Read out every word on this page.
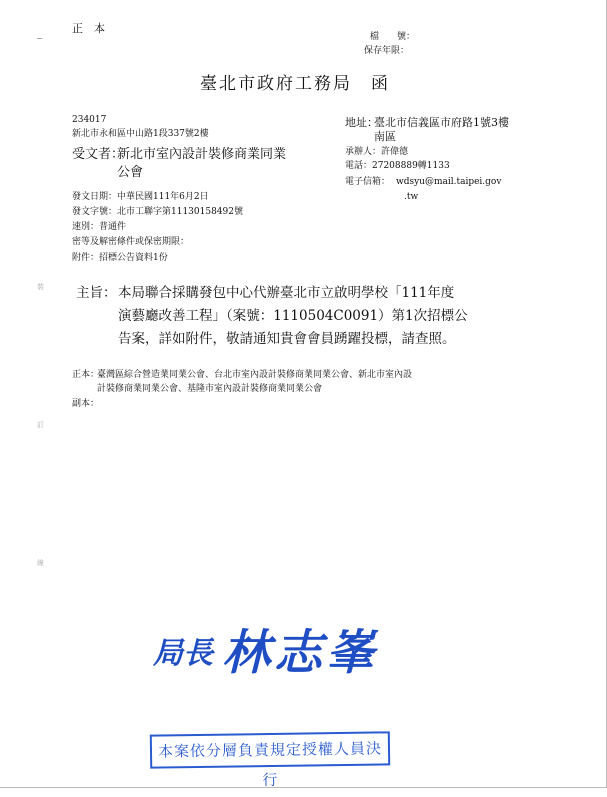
正　本
檔　　號：
保存年限：
臺北市政府工務局　函
234017
新北市永和區中山路1段337號2樓
受文者：
新北市室內設計裝修商業同業
公會
地址：
臺北市信義區市府路1號3樓
南區
承辦人：許偉德
電話：27208889轉1133
電子信箱： wdsyu@mail.taipei.gov
.tw
發文日期：中華民國111年6月2日
發文字號：北市工聯字第11130158492號
速別：普通件
密等及解密條件或保密期限：
附件：招標公告資料1份
主旨： 本局聯合採購發包中心代辦臺北市立啟明學校「111年度
演藝廳改善工程」（案號：1110504C0091）第1次招標公
告案，詳如附件，敬請通知貴會會員踴躍投標，請查照。
正本：
臺灣區綜合營造業同業公會、台北市室內設計裝修商業同業公會、新北市室內設
計裝修商業同業公會、基隆市室內設計裝修商業同業公會
副本：
裝
訂
線
局長 林志峯
本案依分層負責規定授權人員決行
